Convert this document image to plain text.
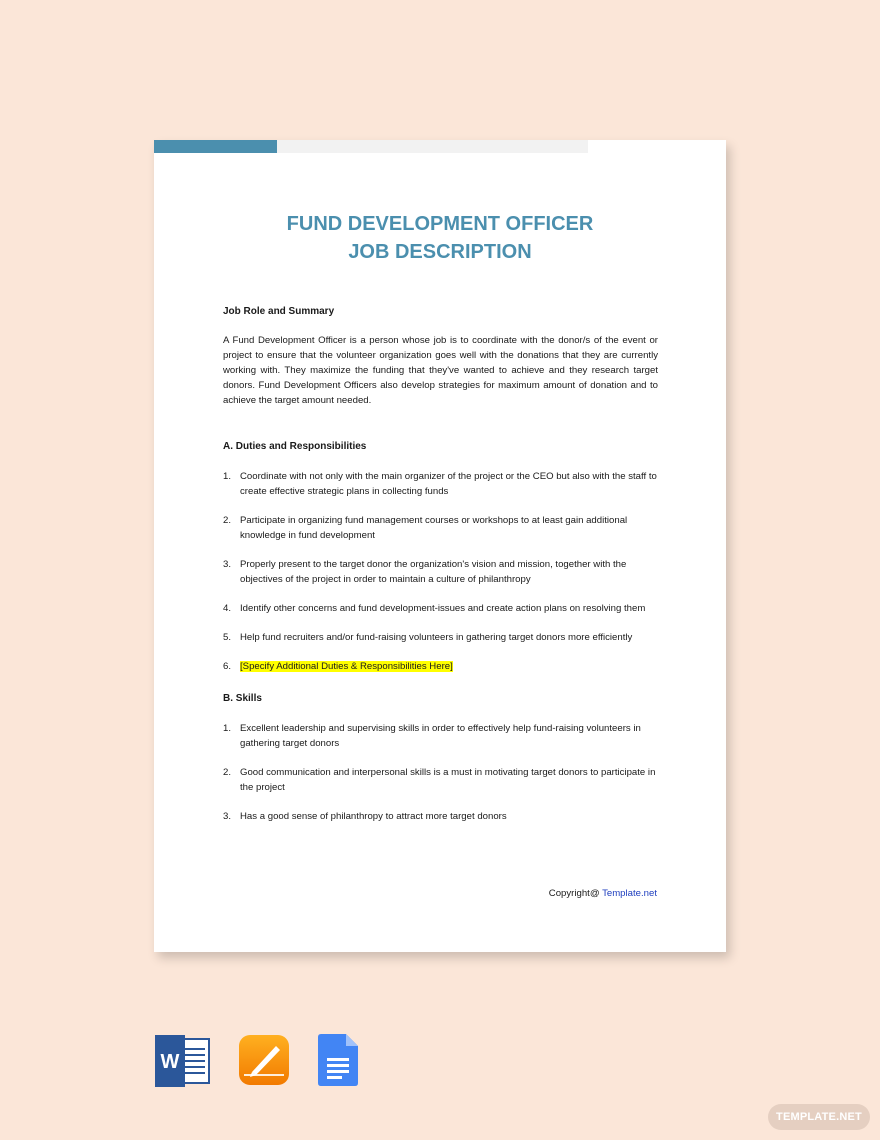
FUND DEVELOPMENT OFFICER
JOB DESCRIPTION
Job Role and Summary
A Fund Development Officer is a person whose job is to coordinate with the donor/s of the event or project to ensure that the volunteer organization goes well with the donations that they are currently working with. They maximize the funding that they've wanted to achieve and they research target donors. Fund Development Officers also develop strategies for maximum amount of donation and to achieve the target amount needed.
A. Duties and Responsibilities
1. Coordinate with not only with the main organizer of the project or the CEO but also with the staff to create effective strategic plans in collecting funds
2. Participate in organizing fund management courses or workshops to at least gain additional knowledge in fund development
3. Properly present to the target donor the organization's vision and mission, together with the objectives of the project in order to maintain a culture of philanthropy
4. Identify other concerns and fund development-issues and create action plans on resolving them
5. Help fund recruiters and/or fund-raising volunteers in gathering target donors more efficiently
6. [Specify Additional Duties & Responsibilities Here]
B. Skills
1. Excellent leadership and supervising skills in order to effectively help fund-raising volunteers in gathering target donors
2. Good communication and interpersonal skills is a must in motivating target donors to participate in the project
3. Has a good sense of philanthropy to attract more target donors
Copyright@ Template.net
W
TEMPLATE.NET
